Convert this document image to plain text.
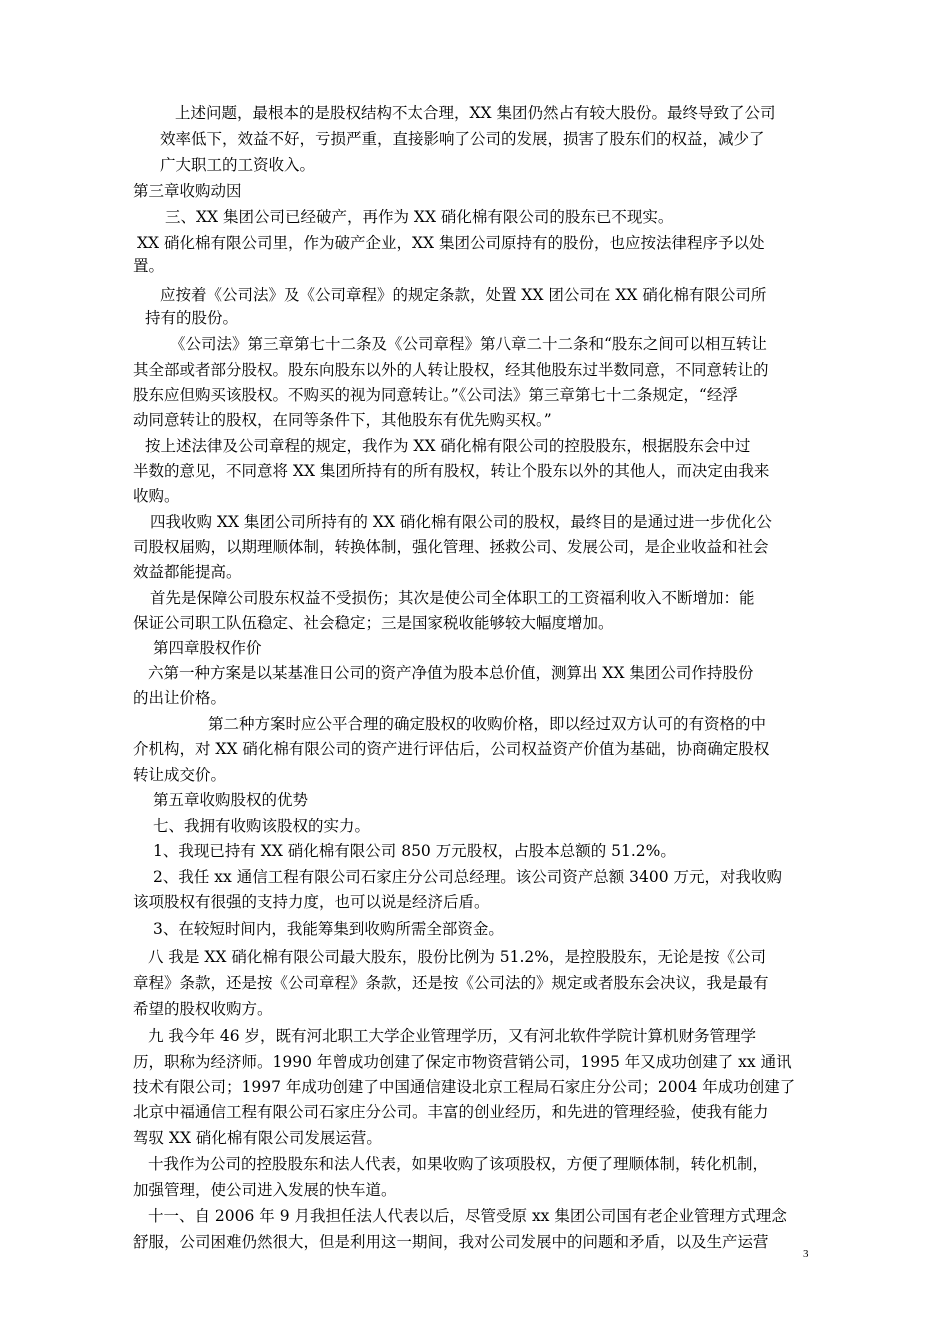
上述问题，最根本的是股权结构不太合理，XX 集团仍然占有较大股份。最终导致了公司
效率低下，效益不好，亏损严重，直接影响了公司的发展，损害了股东们的权益，减少了
广大职工的工资收入。
第三章收购动因
三、XX 集团公司已经破产，再作为 XX 硝化棉有限公司的股东已不现实。
XX 硝化棉有限公司里，作为破产企业，XX 集团公司原持有的股份，也应按法律程序予以处
置。
应按着《公司法》及《公司章程》的规定条款，处置 XX 团公司在 XX 硝化棉有限公司所
持有的股份。
《公司法》第三章第七十二条及《公司章程》第八章二十二条和“股东之间可以相互转让
其全部或者部分股权。股东向股东以外的人转让股权，经其他股东过半数同意，不同意转让的
股东应但购买该股权。不购买的视为同意转让。”《公司法》第三章第七十二条规定，“经浮
动同意转让的股权，在同等条件下，其他股东有优先购买权。”
按上述法律及公司章程的规定，我作为 XX 硝化棉有限公司的控股股东，根据股东会中过
半数的意见，不同意将 XX 集团所持有的所有股权，转让个股东以外的其他人，而决定由我来
收购。
四我收购 XX 集团公司所持有的 XX 硝化棉有限公司的股权，最终目的是通过进一步优化公
司股权届购，以期理顺体制，转换体制，强化管理、拯救公司、发展公司，是企业收益和社会
效益都能提高。
首先是保障公司股东权益不受损伤；其次是使公司全体职工的工资福利收入不断增加：能
保证公司职工队伍稳定、社会稳定；三是国家税收能够较大幅度增加。
第四章股权作价
六第一种方案是以某基准日公司的资产净值为股本总价值，测算出 XX 集团公司作持股份
的出让价格。
第二种方案时应公平合理的确定股权的收购价格，即以经过双方认可的有资格的中
介机构，对 XX 硝化棉有限公司的资产进行评估后，公司权益资产价值为基础，协商确定股权
转让成交价。
第五章收购股权的优势
七、我拥有收购该股权的实力。
1、我现已持有 XX 硝化棉有限公司 850 万元股权，占股本总额的 51.2%。
2、我任 xx 通信工程有限公司石家庄分公司总经理。该公司资产总额 3400 万元，对我收购
该项股权有很强的支持力度，也可以说是经济后盾。
3、在较短时间内，我能筹集到收购所需全部资金。
八 我是 XX 硝化棉有限公司最大股东，股份比例为 51.2%，是控股股东，无论是按《公司
章程》条款，还是按《公司章程》条款，还是按《公司法的》规定或者股东会决议，我是最有
希望的股权收购方。
九 我今年 46 岁，既有河北职工大学企业管理学历，又有河北软件学院计算机财务管理学
历，职称为经济师。1990 年曾成功创建了保定市物资营销公司，1995 年又成功创建了 xx 通讯
技术有限公司；1997 年成功创建了中国通信建设北京工程局石家庄分公司；2004 年成功创建了
北京中福通信工程有限公司石家庄分公司。丰富的创业经历，和先进的管理经验，使我有能力
驾驭 XX 硝化棉有限公司发展运营。
十我作为公司的控股股东和法人代表，如果收购了该项股权，方便了理顺体制，转化机制，
加强管理，使公司进入发展的快车道。
十一、自 2006 年 9 月我担任法人代表以后，尽管受原 xx 集团公司国有老企业管理方式理念
舒服，公司困难仍然很大，但是利用这一期间，我对公司发展中的问题和矛盾，以及生产运营
3
